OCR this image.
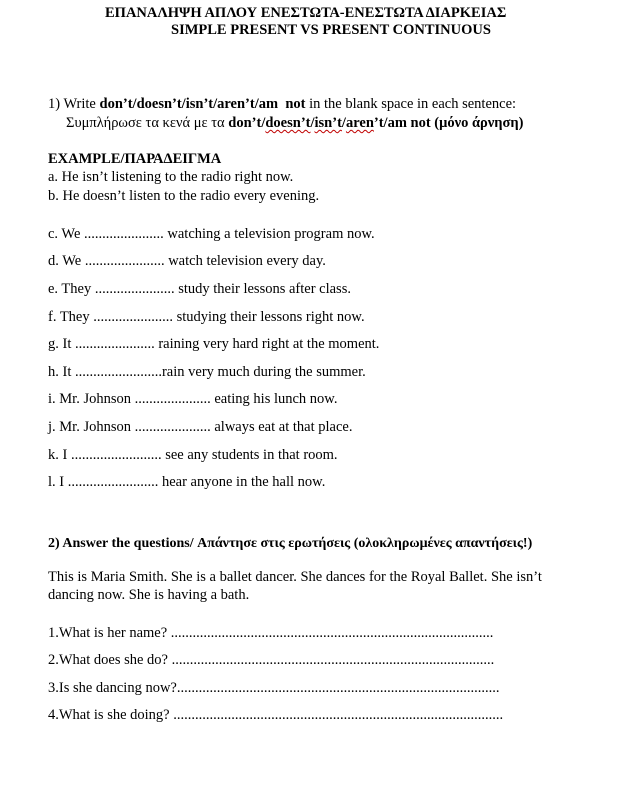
ΕΠΑΝΑΛΗΨΗ ΑΠΛΟΥ ΕΝΕΣΤΩΤΑ-ΕΝΕΣΤΩΤΑ ΔΙΑΡΚΕΙΑΣ
SIMPLE PRESENT VS PRESENT CONTINUOUS
1) Write don’t/doesn’t/isn’t/aren’t/am not in the blank space in each sentence:
Συμπλήρωσε τα κενά με τα don’t/doesn’t/isn’t/aren’t/am not (μόνο άρνηση)
EXAMPLE/ΠΑΡΑΔΕΙΓΜΑ
a. He isn’t listening to the radio right now.
b. He doesn’t listen to the radio every evening.
c. We ...................... watching a television program now.
d. We ...................... watch television every day.
e. They ...................... study their lessons after class.
f. They ...................... studying their lessons right now.
g. It ...................... raining very hard right at the moment.
h. It ........................rain very much during the summer.
i. Mr. Johnson ..................... eating his lunch now.
j. Mr. Johnson ..................... always eat at that place.
k. I ......................... see any students in that room.
l. I ......................... hear anyone in the hall now.
2) Answer the questions/ Απάντησε στις ερωτήσεις (ολοκληρωμένες απαντήσεις!)
This is Maria Smith. She is a ballet dancer. She dances for the Royal Ballet. She isn’t
dancing now. She is having a bath.
1.What is her name? .........................................................................................
2.What does she do? .........................................................................................
3.Is she dancing now?.........................................................................................
4.What is she doing? ...........................................................................................
